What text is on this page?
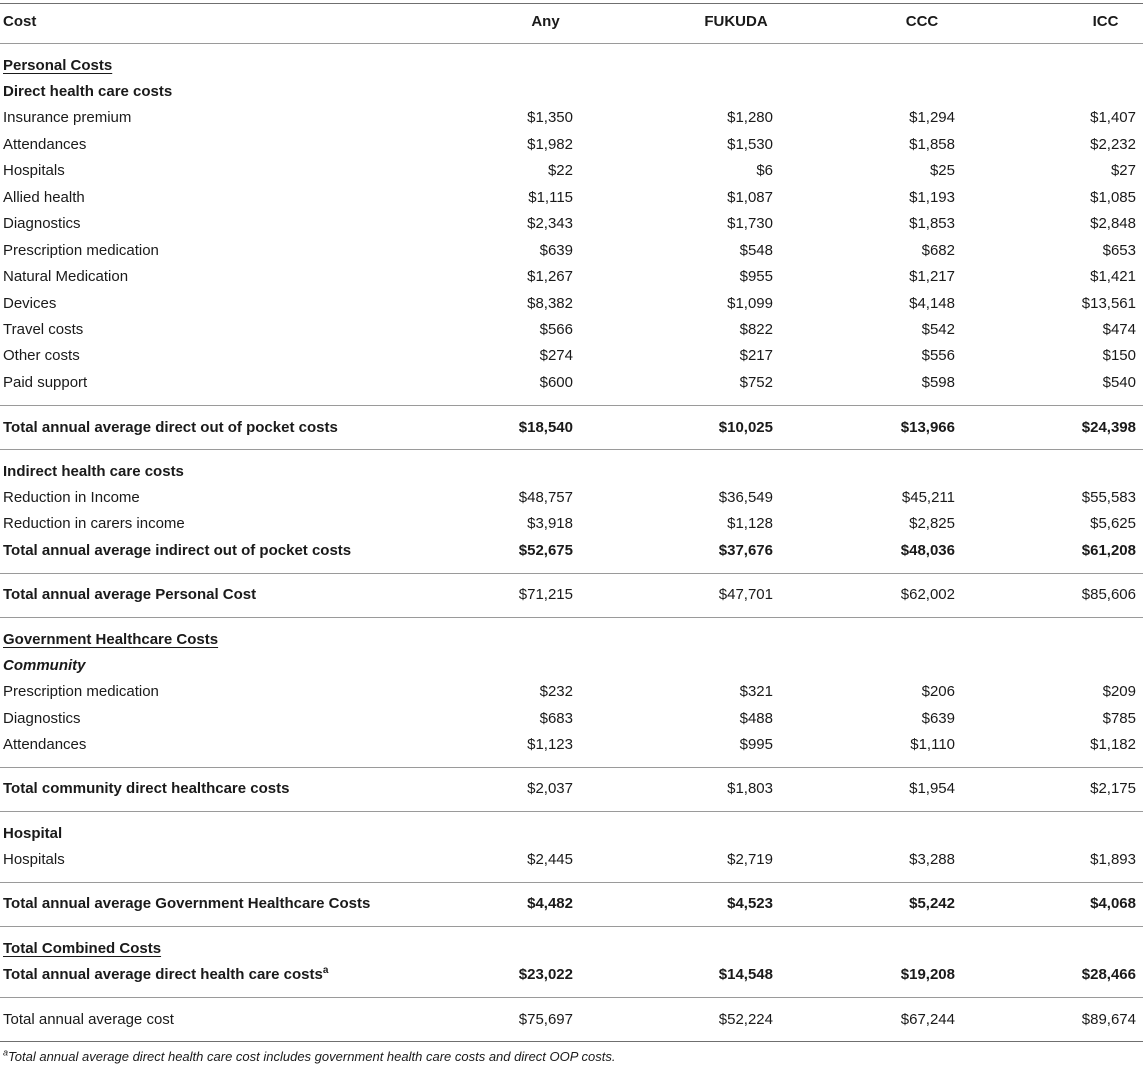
Cost	Any	FUKUDA	CCC	ICC
Personal Costs
Direct health care costs
Insurance premium	$1,350	$1,280	$1,294	$1,407
Attendances	$1,982	$1,530	$1,858	$2,232
Hospitals	$22	$6	$25	$27
Allied health	$1,115	$1,087	$1,193	$1,085
Diagnostics	$2,343	$1,730	$1,853	$2,848
Prescription medication	$639	$548	$682	$653
Natural Medication	$1,267	$955	$1,217	$1,421
Devices	$8,382	$1,099	$4,148	$13,561
Travel costs	$566	$822	$542	$474
Other costs	$274	$217	$556	$150
Paid support	$600	$752	$598	$540
Total annual average direct out of pocket costs	$18,540	$10,025	$13,966	$24,398
Indirect health care costs
Reduction in Income	$48,757	$36,549	$45,211	$55,583
Reduction in carers income	$3,918	$1,128	$2,825	$5,625
Total annual average indirect out of pocket costs	$52,675	$37,676	$48,036	$61,208
Total annual average Personal Cost	$71,215	$47,701	$62,002	$85,606
Government Healthcare Costs
Community
Prescription medication	$232	$321	$206	$209
Diagnostics	$683	$488	$639	$785
Attendances	$1,123	$995	$1,110	$1,182
Total community direct healthcare costs	$2,037	$1,803	$1,954	$2,175
Hospital
Hospitals	$2,445	$2,719	$3,288	$1,893
Total annual average Government Healthcare Costs	$4,482	$4,523	$5,242	$4,068
Total Combined Costs
Total annual average direct health care costs$^a$	$23,022	$14,548	$19,208	$28,466
Total annual average cost	$75,697	$52,224	$67,244	$89,674
$^a$Total annual average direct health care cost includes government health care costs and direct OOP costs.
